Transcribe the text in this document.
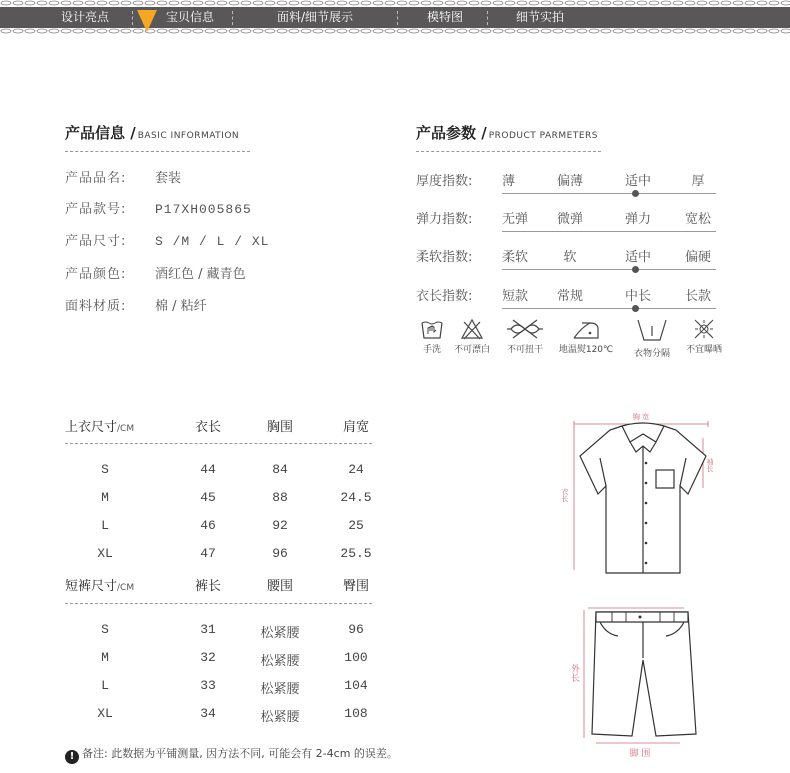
设计亮点	宝贝信息	面料/细节展示	模特图	细节实拍
产品信息 / BASIC INFORMATION
产品品名: 套装
产品款号: P17XH005865
产品尺寸: S /M / L / XL
产品颜色: 酒红色 / 藏青色
面料材质: 棉 / 粘纤
产品参数 / PRODUCT PARMETERS
厚度指数: 薄	偏薄	适中	厚
弹力指数: 无弹	微弹	弹力	宽松
柔软指数: 柔软	软	适中	偏硬
衣长指数: 短款	常规	中长	长款
手洗	不可漂白	不可扭干	地温熨120℃	衣物分隔	不宜曝晒
上衣尺寸/CM	衣长	胸围	肩宽
S	44	84	24
M	45	88	24.5
L	46	92	25
XL	47	96	25.5
短裤尺寸/CM	裤长	腰围	臀围
S	31	松紧腰	96
M	32	松紧腰	100
L	33	松紧腰	104
XL	34	松紧腰	108
胸 宽
袖长
衣长
外长
脚 围
! 备注: 此数据为平铺测量, 因方法不同, 可能会有 2-4cm 的误差。
